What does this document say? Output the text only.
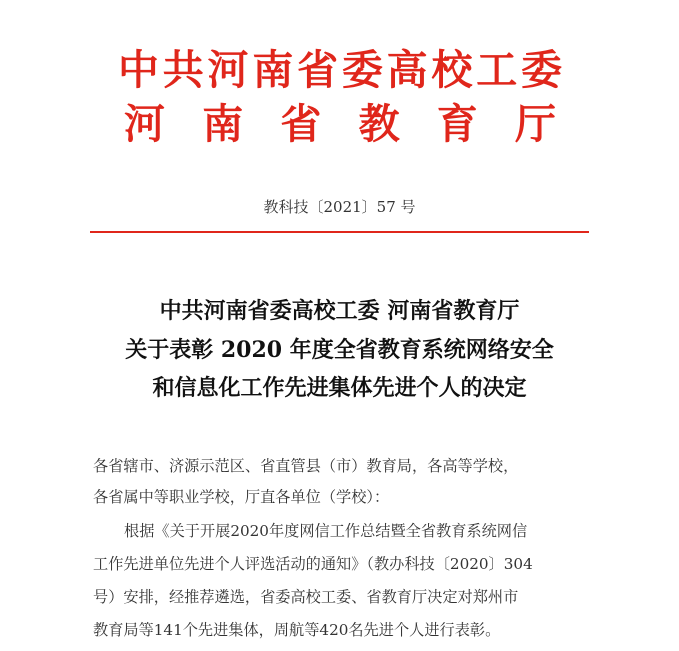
中共河南省委高校工委
河 南 省 教 育 厅
教科技〔2021〕57 号
中共河南省委高校工委 河南省教育厅
关于表彰 2020 年度全省教育系统网络安全
和信息化工作先进集体先进个人的决定
各省辖市、济源示范区、省直管县（市）教育局，各高等学校，
各省属中等职业学校，厅直各单位（学校）：
根据《关于开展2020年度网信工作总结暨全省教育系统网信
工作先进单位先进个人评选活动的通知》（教办科技〔2020〕304
号）安排，经推荐遴选，省委高校工委、省教育厅决定对郑州市
教育局等141个先进集体，周航等420名先进个人进行表彰。
